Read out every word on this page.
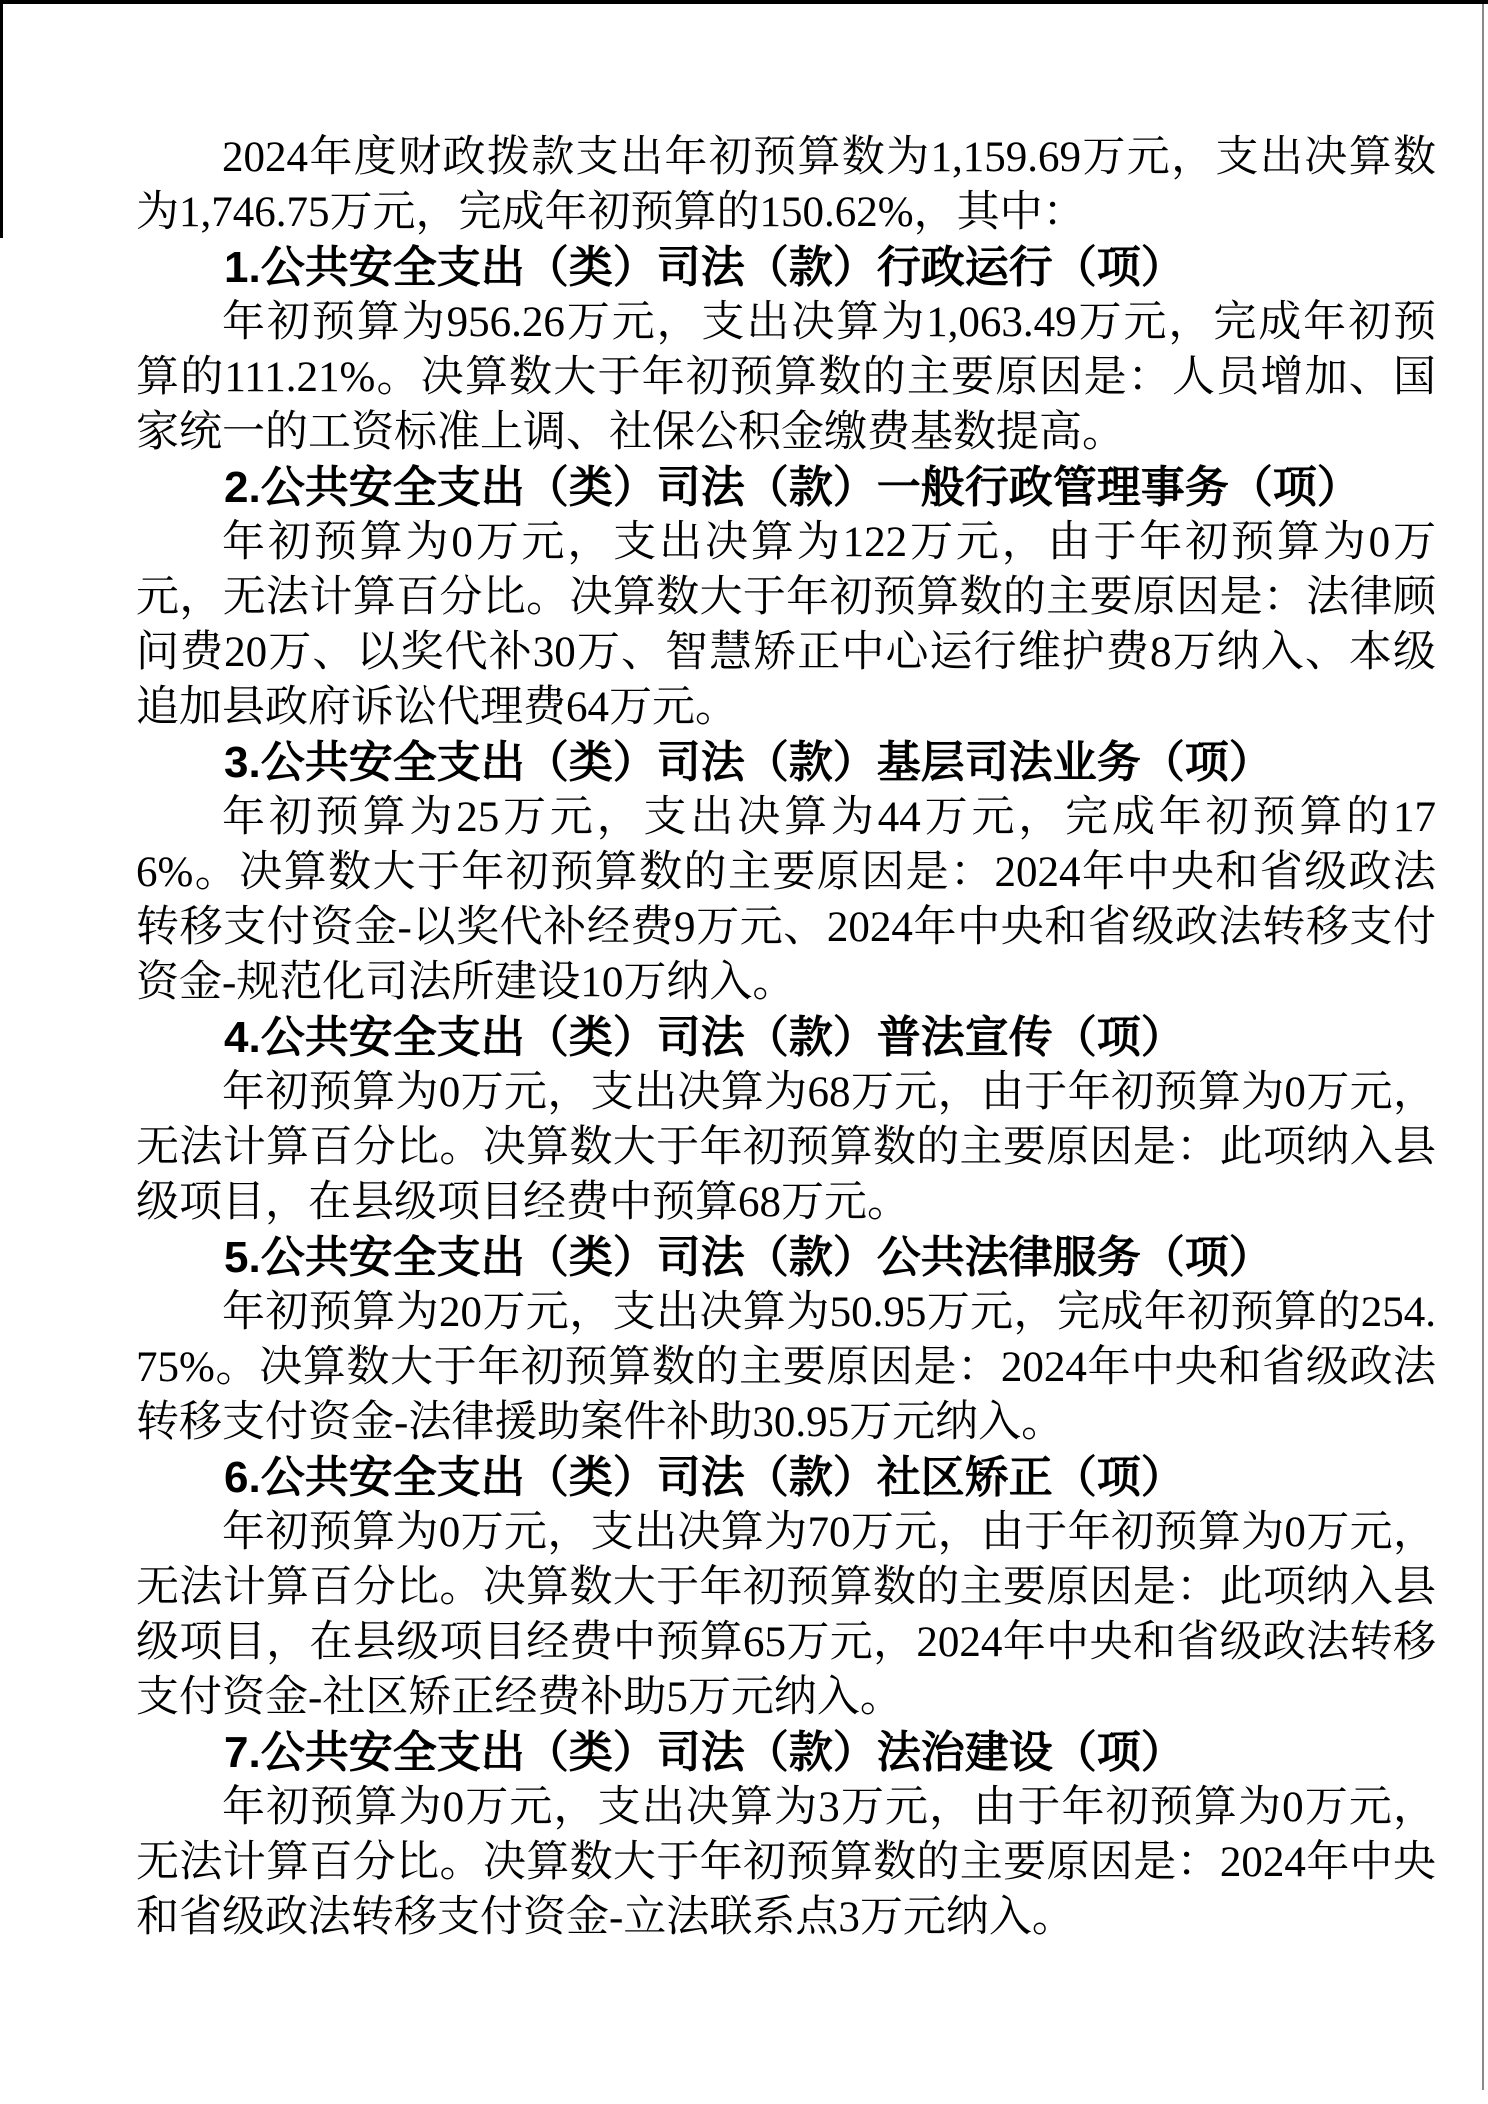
2024年度财政拨款支出年初预算数为1,159.69万元，支出决算数为1,746.75万元，完成年初预算的150.62%，其中：

1.公共安全支出（类）司法（款）行政运行（项）

年初预算为956.26万元，支出决算为1,063.49万元，完成年初预算的111.21%。决算数大于年初预算数的主要原因是：人员增加、国家统一的工资标准上调、社保公积金缴费基数提高。

2.公共安全支出（类）司法（款）一般行政管理事务（项）

年初预算为0万元，支出决算为122万元，由于年初预算为0万元，无法计算百分比。决算数大于年初预算数的主要原因是：法律顾问费20万、以奖代补30万、智慧矫正中心运行维护费8万纳入、本级追加县政府诉讼代理费64万元。

3.公共安全支出（类）司法（款）基层司法业务（项）

年初预算为25万元，支出决算为44万元，完成年初预算的176%。决算数大于年初预算数的主要原因是：2024年中央和省级政法转移支付资金-以奖代补经费9万元、2024年中央和省级政法转移支付资金-规范化司法所建设10万纳入。

4.公共安全支出（类）司法（款）普法宣传（项）

年初预算为0万元，支出决算为68万元，由于年初预算为0万元，无法计算百分比。决算数大于年初预算数的主要原因是：此项纳入县级项目，在县级项目经费中预算68万元。

5.公共安全支出（类）司法（款）公共法律服务（项）

年初预算为20万元，支出决算为50.95万元，完成年初预算的254.75%。决算数大于年初预算数的主要原因是：2024年中央和省级政法转移支付资金-法律援助案件补助30.95万元纳入。

6.公共安全支出（类）司法（款）社区矫正（项）

年初预算为0万元，支出决算为70万元，由于年初预算为0万元，无法计算百分比。决算数大于年初预算数的主要原因是：此项纳入县级项目，在县级项目经费中预算65万元，2024年中央和省级政法转移支付资金-社区矫正经费补助5万元纳入。

7.公共安全支出（类）司法（款）法治建设（项）

年初预算为0万元，支出决算为3万元，由于年初预算为0万元，无法计算百分比。决算数大于年初预算数的主要原因是：2024年中央和省级政法转移支付资金-立法联系点3万元纳入。
